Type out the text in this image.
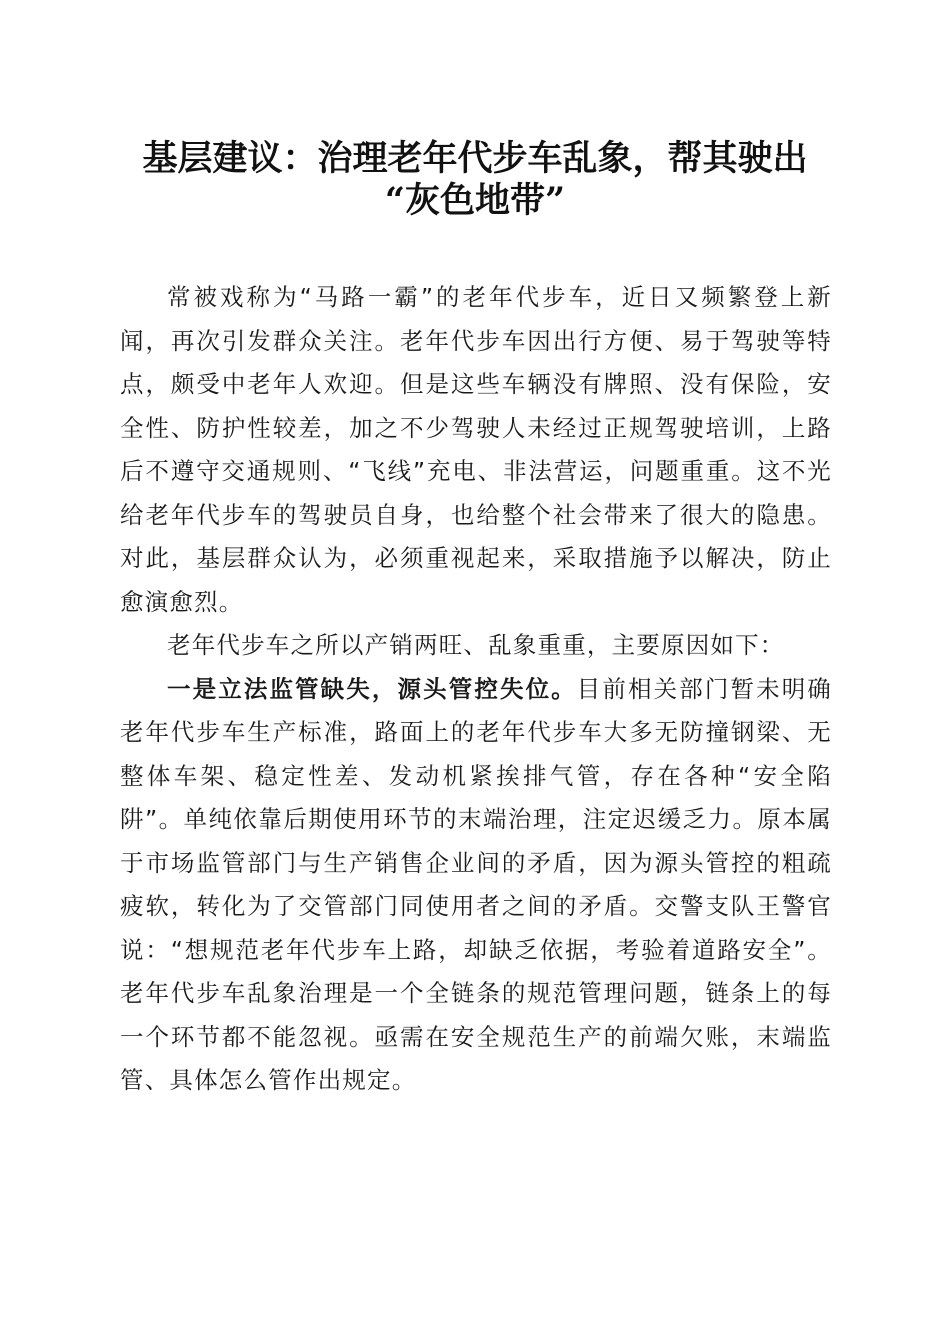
基层建议：治理老年代步车乱象，帮其驶出
“灰色地带”

常被戏称为“马路一霸”的老年代步车，近日又频繁登上新闻，再次引发群众关注。老年代步车因出行方便、易于驾驶等特点，颇受中老年人欢迎。但是这些车辆没有牌照、没有保险，安全性、防护性较差，加之不少驾驶人未经过正规驾驶培训，上路后不遵守交通规则、“飞线”充电、非法营运，问题重重。这不光给老年代步车的驾驶员自身，也给整个社会带来了很大的隐患。对此，基层群众认为，必须重视起来，采取措施予以解决，防止愈演愈烈。

老年代步车之所以产销两旺、乱象重重，主要原因如下：

一是立法监管缺失，源头管控失位。目前相关部门暂未明确老年代步车生产标准，路面上的老年代步车大多无防撞钢梁、无整体车架、稳定性差、发动机紧挨排气管，存在各种“安全陷阱”。单纯依靠后期使用环节的末端治理，注定迟缓乏力。原本属于市场监管部门与生产销售企业间的矛盾，因为源头管控的粗疏疲软，转化为了交管部门同使用者之间的矛盾。交警支队王警官说：“想规范老年代步车上路，却缺乏依据，考验着道路安全”。老年代步车乱象治理是一个全链条的规范管理问题，链条上的每一个环节都不能忽视。亟需在安全规范生产的前端欠账，末端监管、具体怎么管作出规定。
